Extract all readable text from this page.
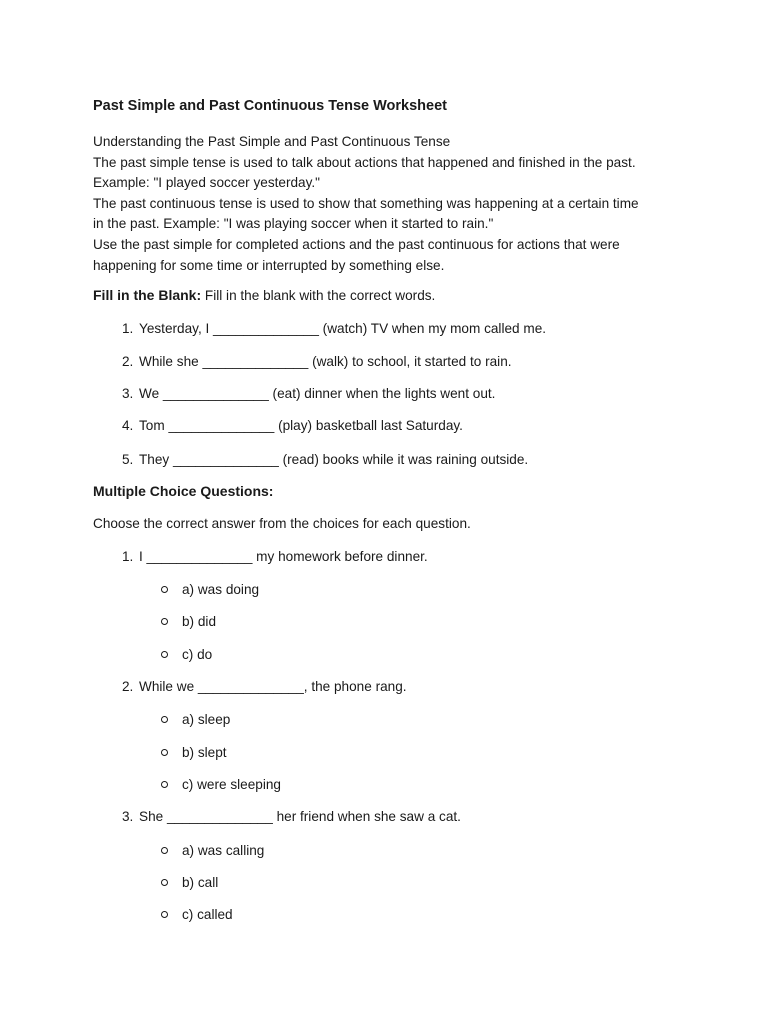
Past Simple and Past Continuous Tense Worksheet
Understanding the Past Simple and Past Continuous Tense
The past simple tense is used to talk about actions that happened and finished in the past.
Example: "I played soccer yesterday."
The past continuous tense is used to show that something was happening at a certain time
in the past. Example: "I was playing soccer when it started to rain."
Use the past simple for completed actions and the past continuous for actions that were
happening for some time or interrupted by something else.
Fill in the Blank: Fill in the blank with the correct words.
1. Yesterday, I ______________ (watch) TV when my mom called me.
2. While she ______________ (walk) to school, it started to rain.
3. We ______________ (eat) dinner when the lights went out.
4. Tom ______________ (play) basketball last Saturday.
5. They ______________ (read) books while it was raining outside.
Multiple Choice Questions:
Choose the correct answer from the choices for each question.
1. I ______________ my homework before dinner.
a) was doing
b) did
c) do
2. While we ______________, the phone rang.
a) sleep
b) slept
c) were sleeping
3. She ______________ her friend when she saw a cat.
a) was calling
b) call
c) called
